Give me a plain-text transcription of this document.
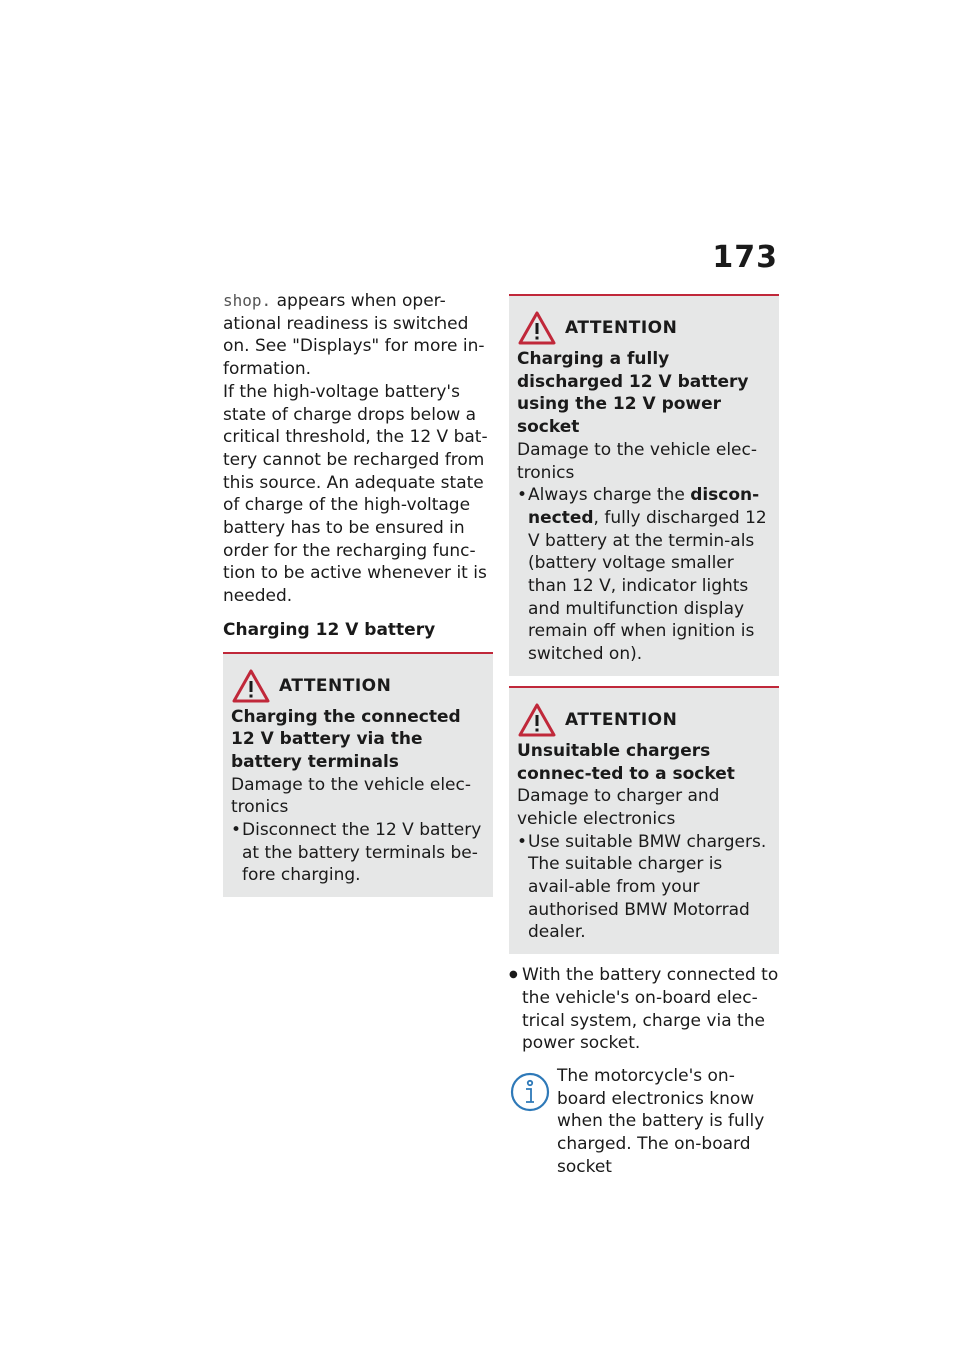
173

shop. appears when oper-ational readiness is switched on. See "Displays" for more in-formation.

If the high-voltage battery's state of charge drops below a critical threshold, the 12 V bat-tery cannot be recharged from this source. An adequate state of charge of the high-voltage battery has to be ensured in order for the recharging func-tion to be active whenever it is needed.

Charging 12 V battery
ATTENTION
Charging the connected 12 V battery via the battery terminals
Damage to the vehicle elec-tronics
• Disconnect the 12 V battery at the battery terminals be-fore charging.
ATTENTION
Charging a fully discharged 12 V battery using the 12 V power socket
Damage to the vehicle elec-tronics
• Always charge the discon-nected, fully discharged 12 V battery at the termin-als (battery voltage smaller than 12 V, indicator lights and multifunction display remain off when ignition is switched on).
ATTENTION
Unsuitable chargers connec-ted to a socket
Damage to charger and vehicle electronics
• Use suitable BMW chargers. The suitable charger is avail-able from your authorised BMW Motorrad dealer.
● With the battery connected to the vehicle's on-board elec-trical system, charge via the power socket.
The motorcycle's on-board electronics know when the battery is fully charged. The on-board socket
